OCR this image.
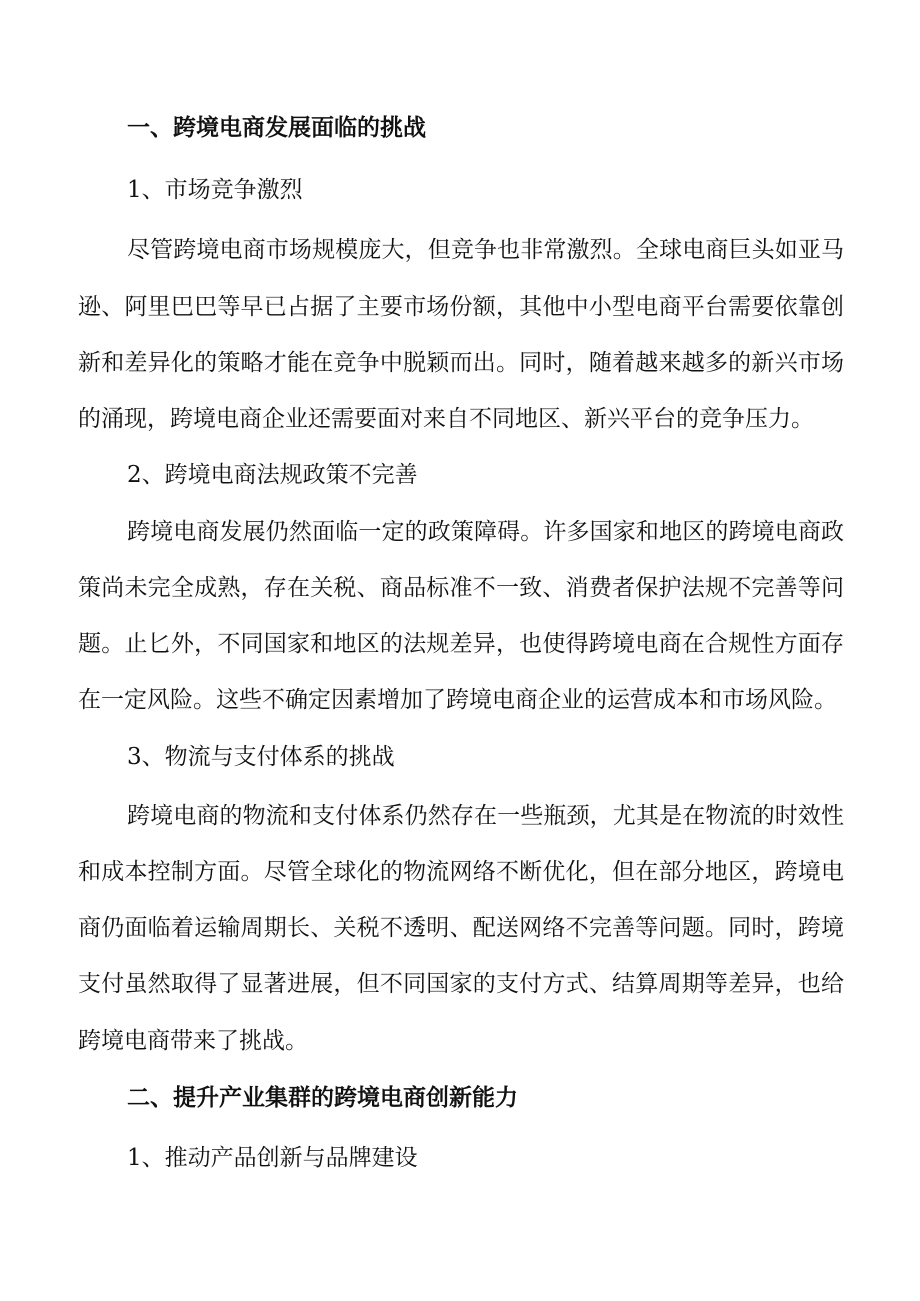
一、跨境电商发展面临的挑战
1、市场竞争激烈
尽管跨境电商市场规模庞大，但竞争也非常激烈。全球电商巨头如亚马
逊、阿里巴巴等早已占据了主要市场份额，其他中小型电商平台需要依靠创
新和差异化的策略才能在竞争中脱颖而出。同时，随着越来越多的新兴市场
的涌现，跨境电商企业还需要面对来自不同地区、新兴平台的竞争压力。
2、跨境电商法规政策不完善
跨境电商发展仍然面临一定的政策障碍。许多国家和地区的跨境电商政
策尚未完全成熟，存在关税、商品标准不一致、消费者保护法规不完善等问
题。止匕外，不同国家和地区的法规差异，也使得跨境电商在合规性方面存
在一定风险。这些不确定因素增加了跨境电商企业的运营成本和市场风险。
3、物流与支付体系的挑战
跨境电商的物流和支付体系仍然存在一些瓶颈，尤其是在物流的时效性
和成本控制方面。尽管全球化的物流网络不断优化，但在部分地区，跨境电
商仍面临着运输周期长、关税不透明、配送网络不完善等问题。同时，跨境
支付虽然取得了显著进展，但不同国家的支付方式、结算周期等差异，也给
跨境电商带来了挑战。
二、提升产业集群的跨境电商创新能力
1、推动产品创新与品牌建设
